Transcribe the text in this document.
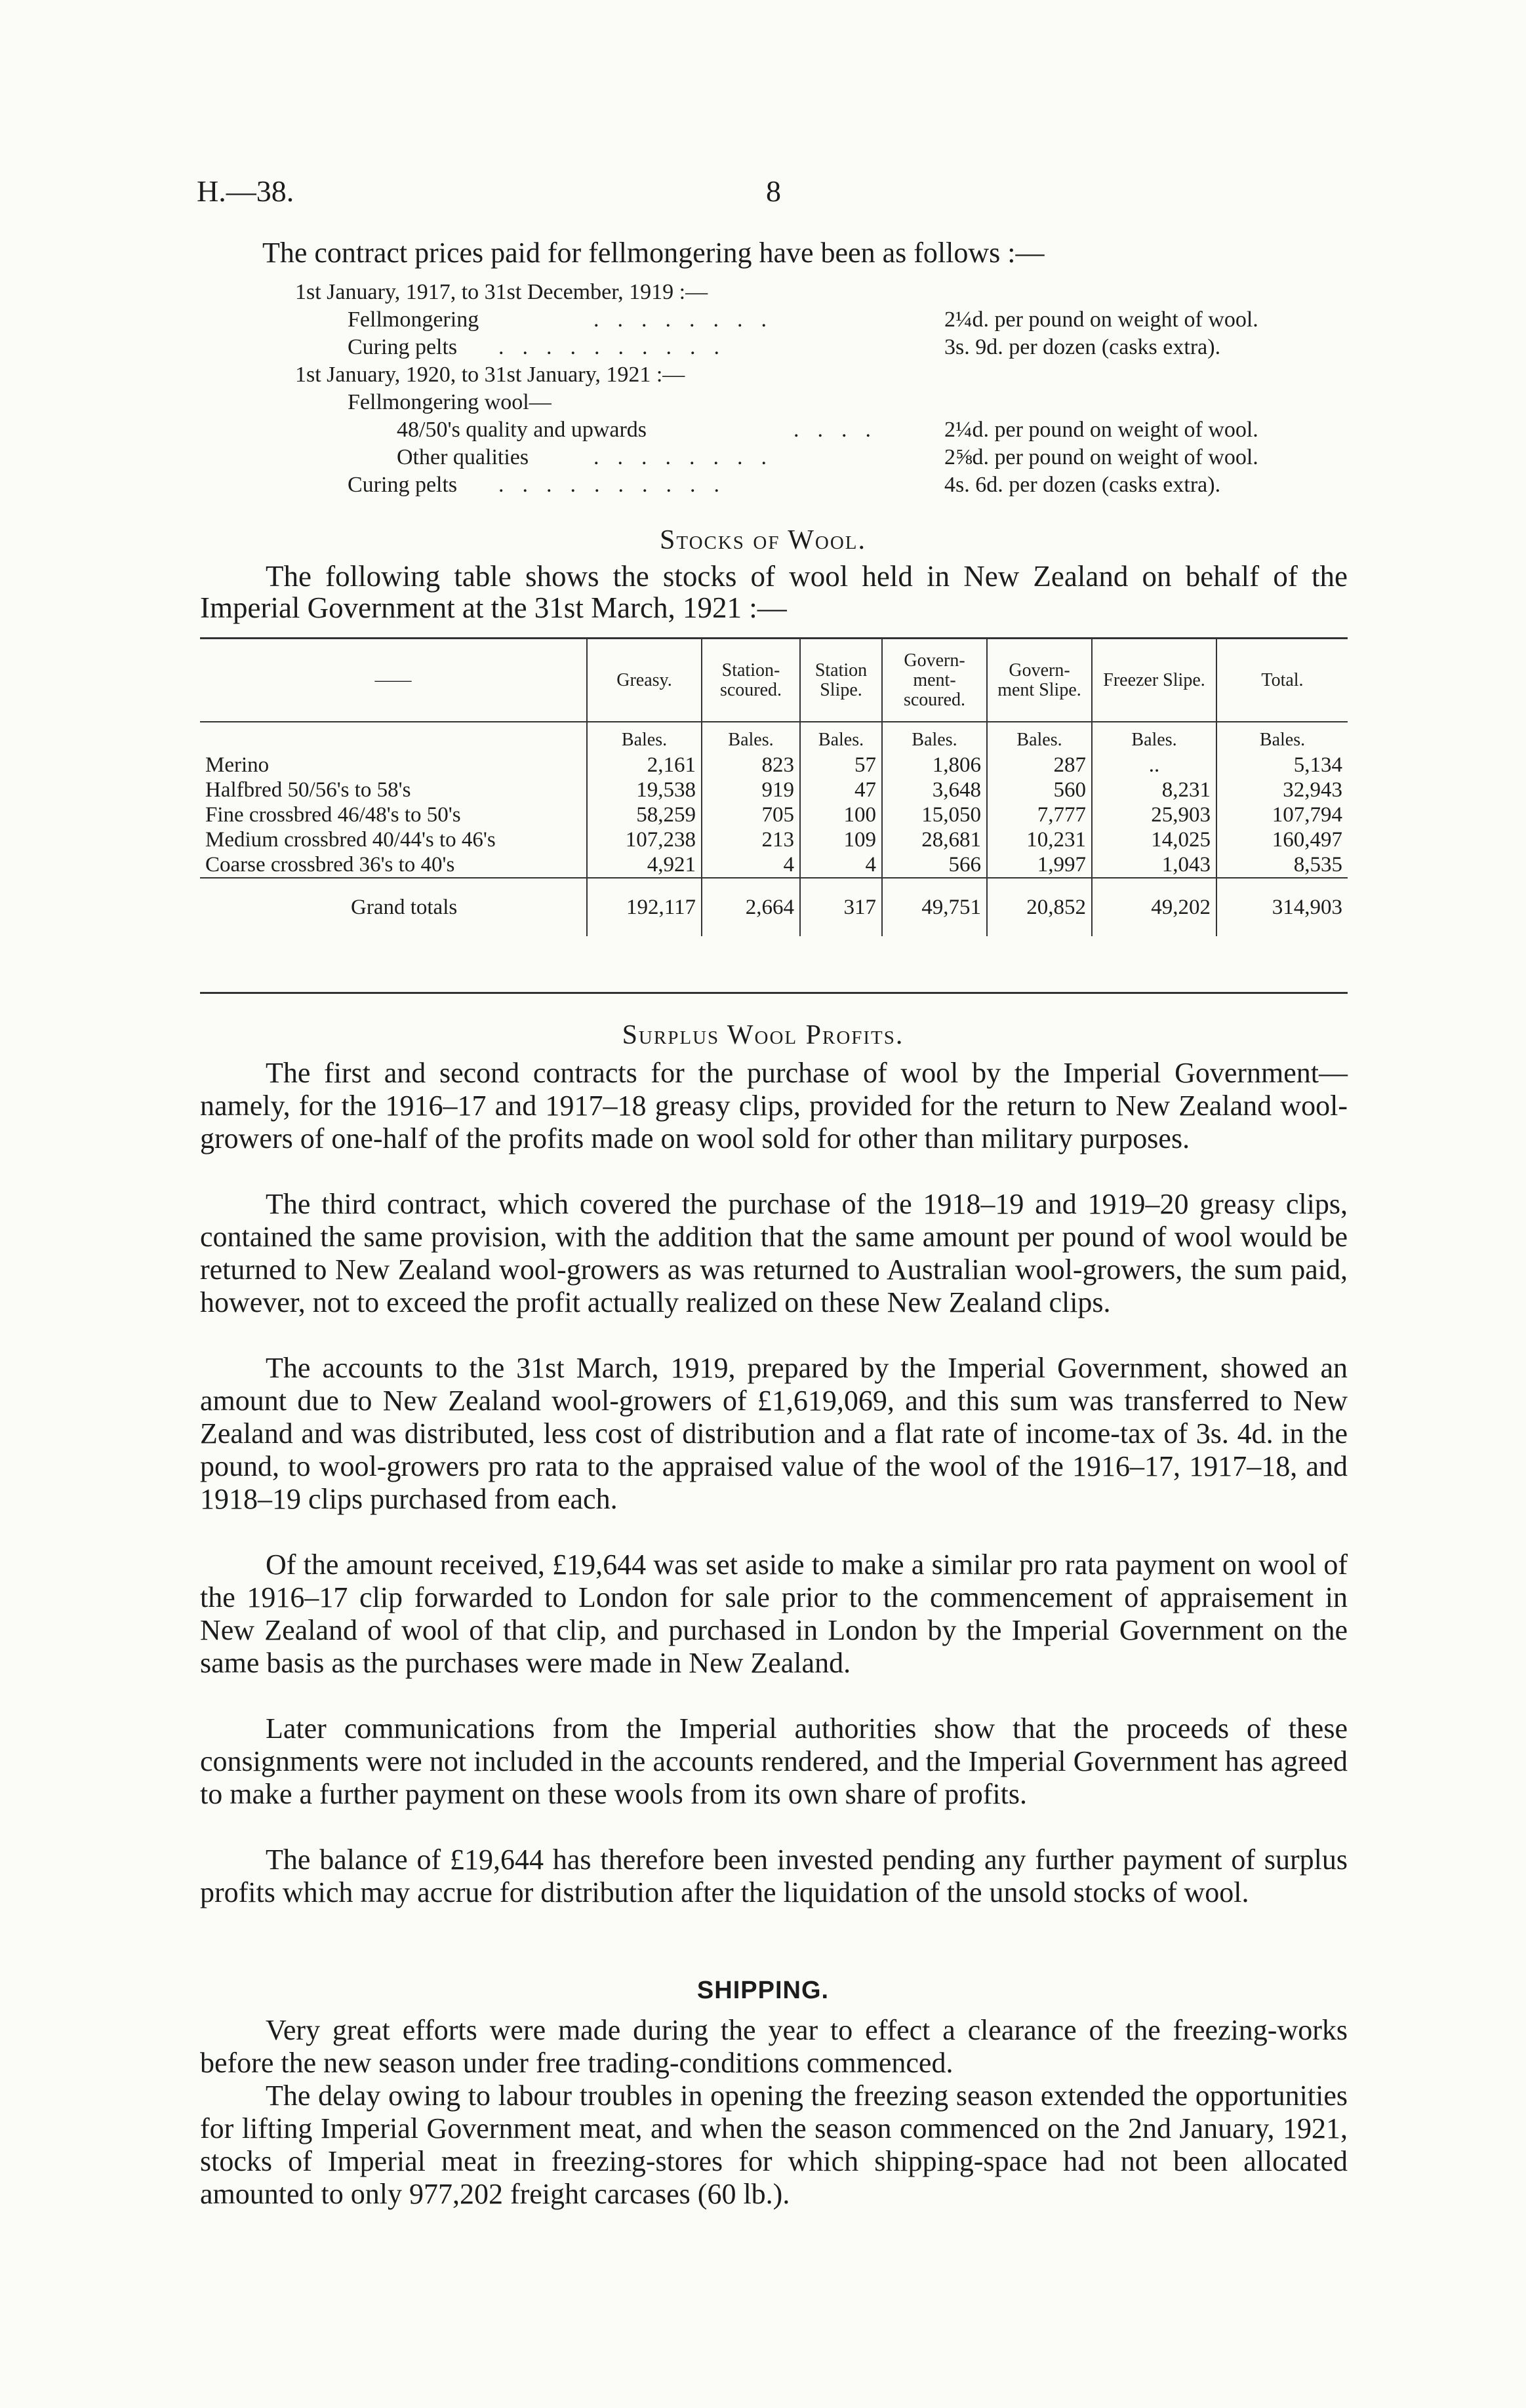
H.—38.	8
The contract prices paid for fellmongering have been as follows :—
1st January, 1917, to 31st December, 1919 :—
Fellmongering	........	2¼d. per pound on weight of wool.
Curing pelts ..........	3s. 9d. per dozen (casks extra).
1st January, 1920, to 31st January, 1921 :—
Fellmongering wool—
48/50's quality and upwards	.... 2¼d. per pound on weight of wool.
Other qualities	........	2⅝d. per pound on weight of wool.
Curing pelts ..........	4s. 6d. per dozen (casks extra).
Stocks of Wool.
The following table shows the stocks of wool held in New Zealand on behalf of the Imperial Government at the 31st March, 1921 :—
——	Greasy.	Station-scoured.	Station Slipe.	Govern-ment-scoured.	Govern-ment Slipe.	Freezer Slipe.	Total.
	Bales.	Bales.	Bales.	Bales.	Bales.	Bales.	Bales.
Merino	2,161	823	57	1,806	287	..	5,134
Halfbred 50/56's to 58's	19,538	919	47	3,648	560	8,231	32,943
Fine crossbred 46/48's to 50's	58,259	705	100	15,050	7,777	25,903	107,794
Medium crossbred 40/44's to 46's	107,238	213	109	28,681	10,231	14,025	160,497
Coarse crossbred 36's to 40's	4,921	4	4	566	1,997	1,043	8,535
Grand totals	192,117	2,664	317	49,751	20,852	49,202	314,903
Surplus Wool Profits.
The first and second contracts for the purchase of wool by the Imperial Government—namely, for the 1916–17 and 1917–18 greasy clips, provided for the return to New Zealand wool-growers of one-half of the profits made on wool sold for other than military purposes.
The third contract, which covered the purchase of the 1918–19 and 1919–20 greasy clips, contained the same provision, with the addition that the same amount per pound of wool would be returned to New Zealand wool-growers as was returned to Australian wool-growers, the sum paid, however, not to exceed the profit actually realized on these New Zealand clips.
The accounts to the 31st March, 1919, prepared by the Imperial Government, showed an amount due to New Zealand wool-growers of £1,619,069, and this sum was transferred to New Zealand and was distributed, less cost of distribution and a flat rate of income-tax of 3s. 4d. in the pound, to wool-growers pro rata to the appraised value of the wool of the 1916–17, 1917–18, and 1918–19 clips purchased from each.
Of the amount received, £19,644 was set aside to make a similar pro rata payment on wool of the 1916–17 clip forwarded to London for sale prior to the commencement of appraisement in New Zealand of wool of that clip, and purchased in London by the Imperial Government on the same basis as the purchases were made in New Zealand.
Later communications from the Imperial authorities show that the proceeds of these consignments were not included in the accounts rendered, and the Imperial Government has agreed to make a further payment on these wools from its own share of profits.
The balance of £19,644 has therefore been invested pending any further payment of surplus profits which may accrue for distribution after the liquidation of the unsold stocks of wool.
SHIPPING.
Very great efforts were made during the year to effect a clearance of the freezing-works before the new season under free trading-conditions commenced.
The delay owing to labour troubles in opening the freezing season extended the opportunities for lifting Imperial Government meat, and when the season commenced on the 2nd January, 1921, stocks of Imperial meat in freezing-stores for which shipping-space had not been allocated amounted to only 977,202 freight carcases (60 lb.).
